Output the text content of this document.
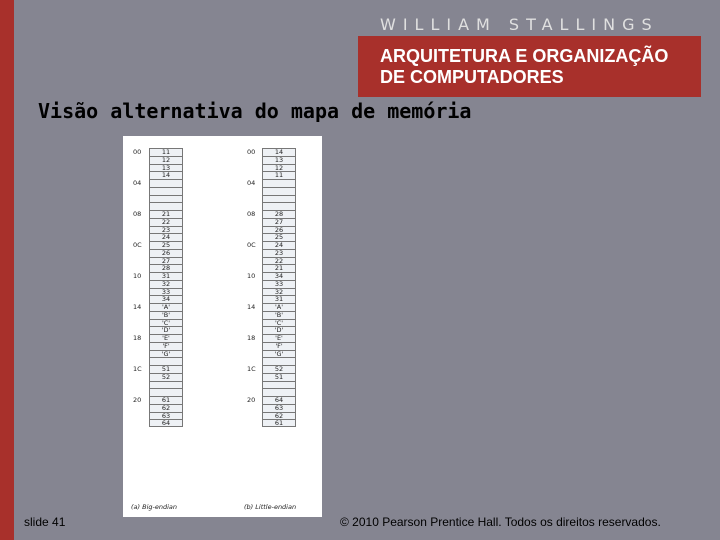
WILLIAM STALLINGS
ARQUITETURA E ORGANIZAÇÃO
DE COMPUTADORES
Visão alternativa do mapa de memória
11
12
13
14
21
22
23
24
25
26
27
28
31
32
33
34
'A'
'B'
'C'
'D'
'E'
'F'
'G'
51
52
61
62
63
64
14
13
12
11
28
27
26
25
24
23
22
21
34
33
32
31
'A'
'B'
'C'
'D'
'E'
'F'
'G'
52
51
64
63
62
61
(a) Big-endian	(b) Little-endian
00
04
08
0C
10
14
18
1C
20
00
04
08
0C
10
14
18
1C
20
slide 41	© 2010 Pearson Prentice Hall. Todos os direitos reservados.
